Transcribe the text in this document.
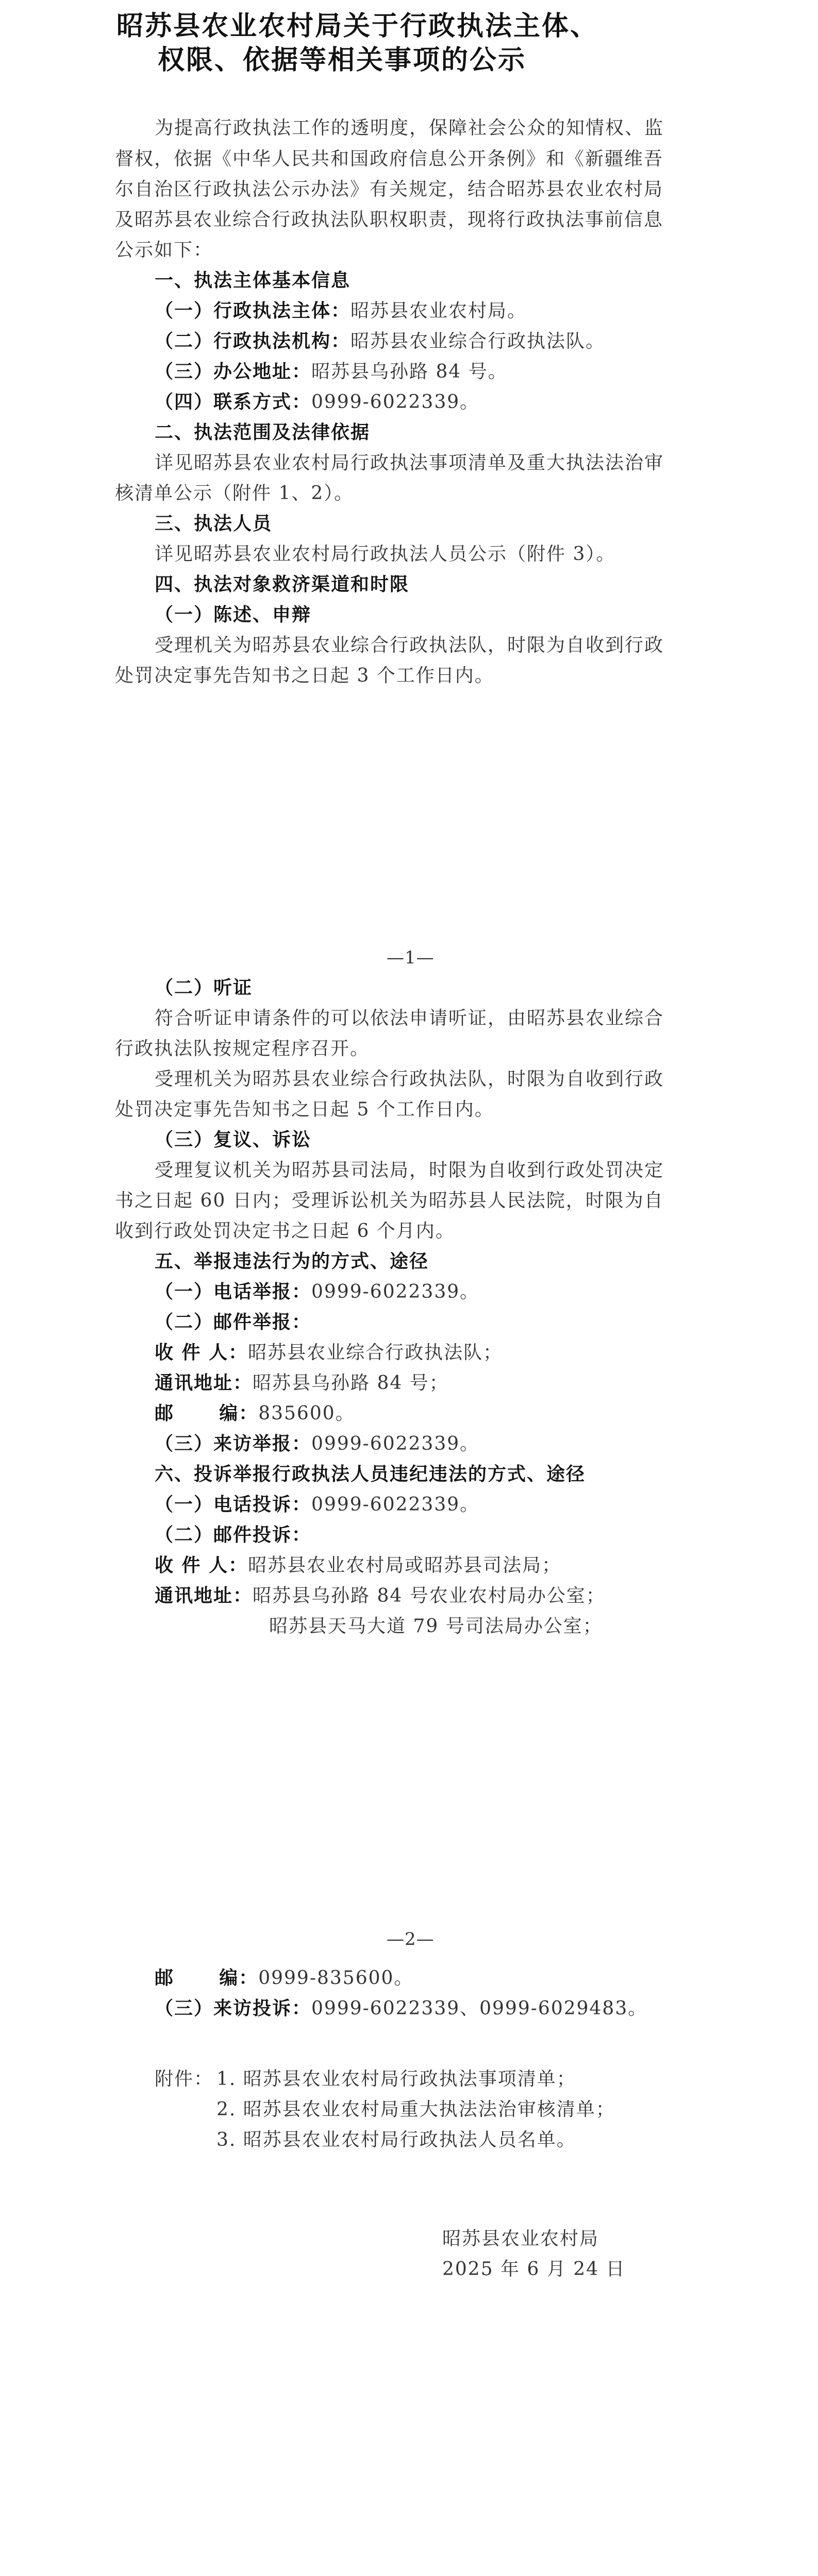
昭苏县农业农村局关于行政执法主体、
权限、依据等相关事项的公示
为提高行政执法工作的透明度，保障社会公众的知情权、监
督权，依据《中华人民共和国政府信息公开条例》和《新疆维吾
尔自治区行政执法公示办法》有关规定，结合昭苏县农业农村局
及昭苏县农业综合行政执法队职权职责，现将行政执法事前信息
公示如下：
一、执法主体基本信息
（一）行政执法主体：昭苏县农业农村局。
（二）行政执法机构：昭苏县农业综合行政执法队。
（三）办公地址：昭苏县乌孙路 84 号。
（四）联系方式：0999-6022339。
二、执法范围及法律依据
详见昭苏县农业农村局行政执法事项清单及重大执法法治审
核清单公示（附件 1、2）。
三、执法人员
详见昭苏县农业农村局行政执法人员公示（附件 3）。
四、执法对象救济渠道和时限
（一）陈述、申辩
受理机关为昭苏县农业综合行政执法队，时限为自收到行政
处罚决定事先告知书之日起 3 个工作日内。
—1—
（二）听证
符合听证申请条件的可以依法申请听证，由昭苏县农业综合
行政执法队按规定程序召开。
受理机关为昭苏县农业综合行政执法队，时限为自收到行政
处罚决定事先告知书之日起 5 个工作日内。
（三）复议、诉讼
受理复议机关为昭苏县司法局，时限为自收到行政处罚决定
书之日起 60 日内；受理诉讼机关为昭苏县人民法院，时限为自
收到行政处罚决定书之日起 6 个月内。
五、举报违法行为的方式、途径
（一）电话举报：0999-6022339。
（二）邮件举报：
收 件 人：昭苏县农业综合行政执法队；
通讯地址：昭苏县乌孙路 84 号；
邮      编：835600。
（三）来访举报：0999-6022339。
六、投诉举报行政执法人员违纪违法的方式、途径
（一）电话投诉：0999-6022339。
（二）邮件投诉：
收 件 人：昭苏县农业农村局或昭苏县司法局；
通讯地址：昭苏县乌孙路 84 号农业农村局办公室；
昭苏县天马大道 79 号司法局办公室；
—2—
邮      编：0999-835600。
（三）来访投诉：0999-6022339、0999-6029483。
附件： 1. 昭苏县农业农村局行政执法事项清单；
2. 昭苏县农业农村局重大执法法治审核清单；
3. 昭苏县农业农村局行政执法人员名单。
昭苏县农业农村局
2025 年 6 月 24 日
